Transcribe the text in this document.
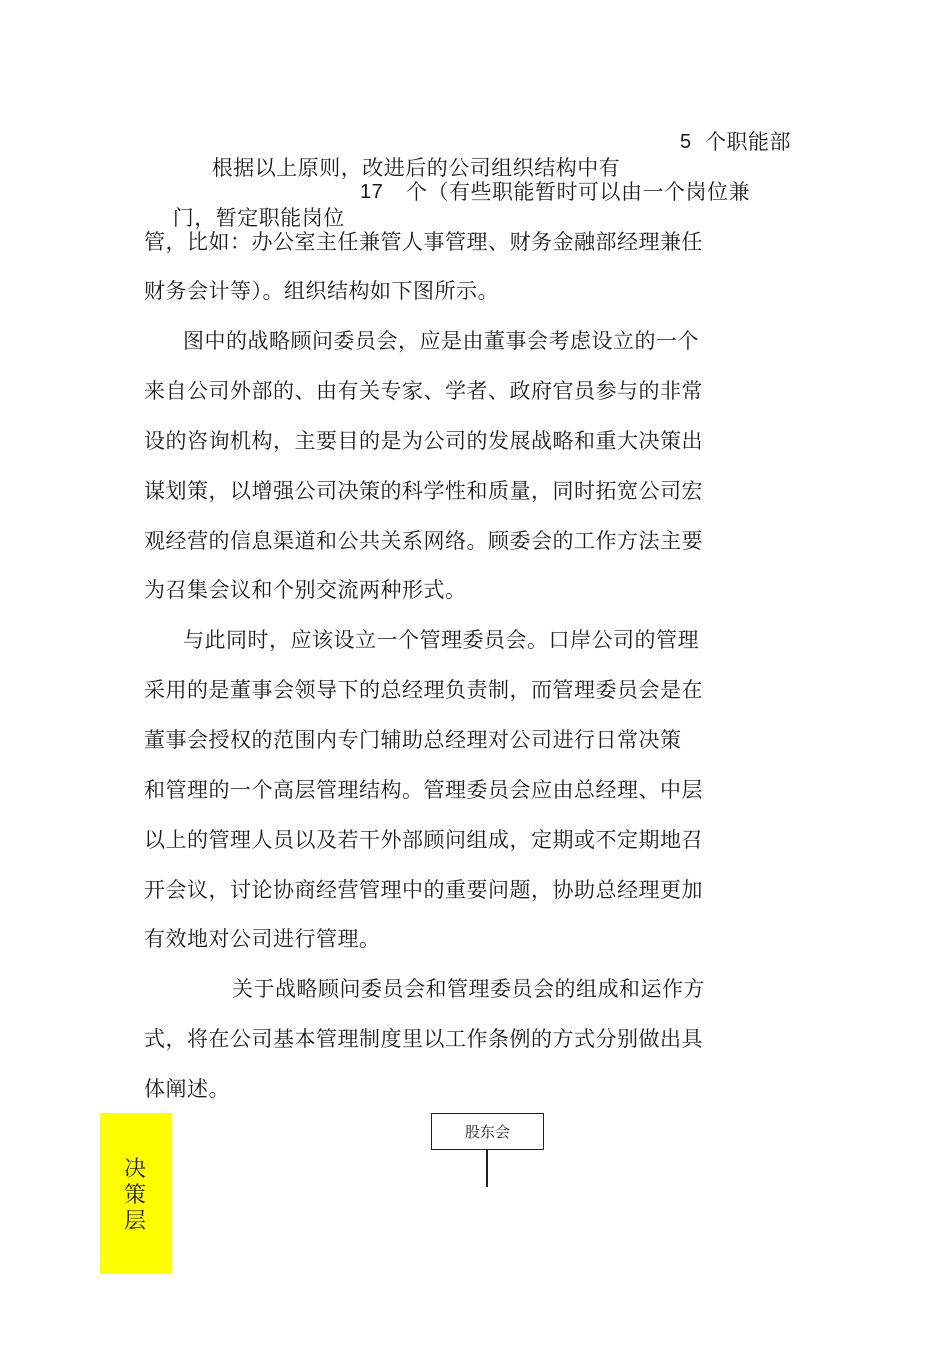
根据以上原则，改进后的公司组织结构中有
5 个职能部

门，暂定职能岗位
17 个（有些职能暂时可以由一个岗位兼

管，比如：办公室主任兼管人事管理、财务金融部经理兼任
财务会计等）。组织结构如下图所示。
图中的战略顾问委员会，应是由董事会考虑设立的一个
来自公司外部的、由有关专家、学者、政府官员参与的非常
设的咨询机构，主要目的是为公司的发展战略和重大决策出
谋划策，以增强公司决策的科学性和质量，同时拓宽公司宏
观经营的信息渠道和公共关系网络。顾委会的工作方法主要
为召集会议和个别交流两种形式。
与此同时，应该设立一个管理委员会。口岸公司的管理
采用的是董事会领导下的总经理负责制，而管理委员会是在
董事会授权的范围内专门辅助总经理对公司进行日常决策
和管理的一个高层管理结构。管理委员会应由总经理、中层
以上的管理人员以及若干外部顾问组成，定期或不定期地召
开会议，讨论协商经营管理中的重要问题，协助总经理更加
有效地对公司进行管理。
关于战略顾问委员会和管理委员会的组成和运作方
式，将在公司基本管理制度里以工作条例的方式分别做出具
体阐述。
决
策
层
股东会
